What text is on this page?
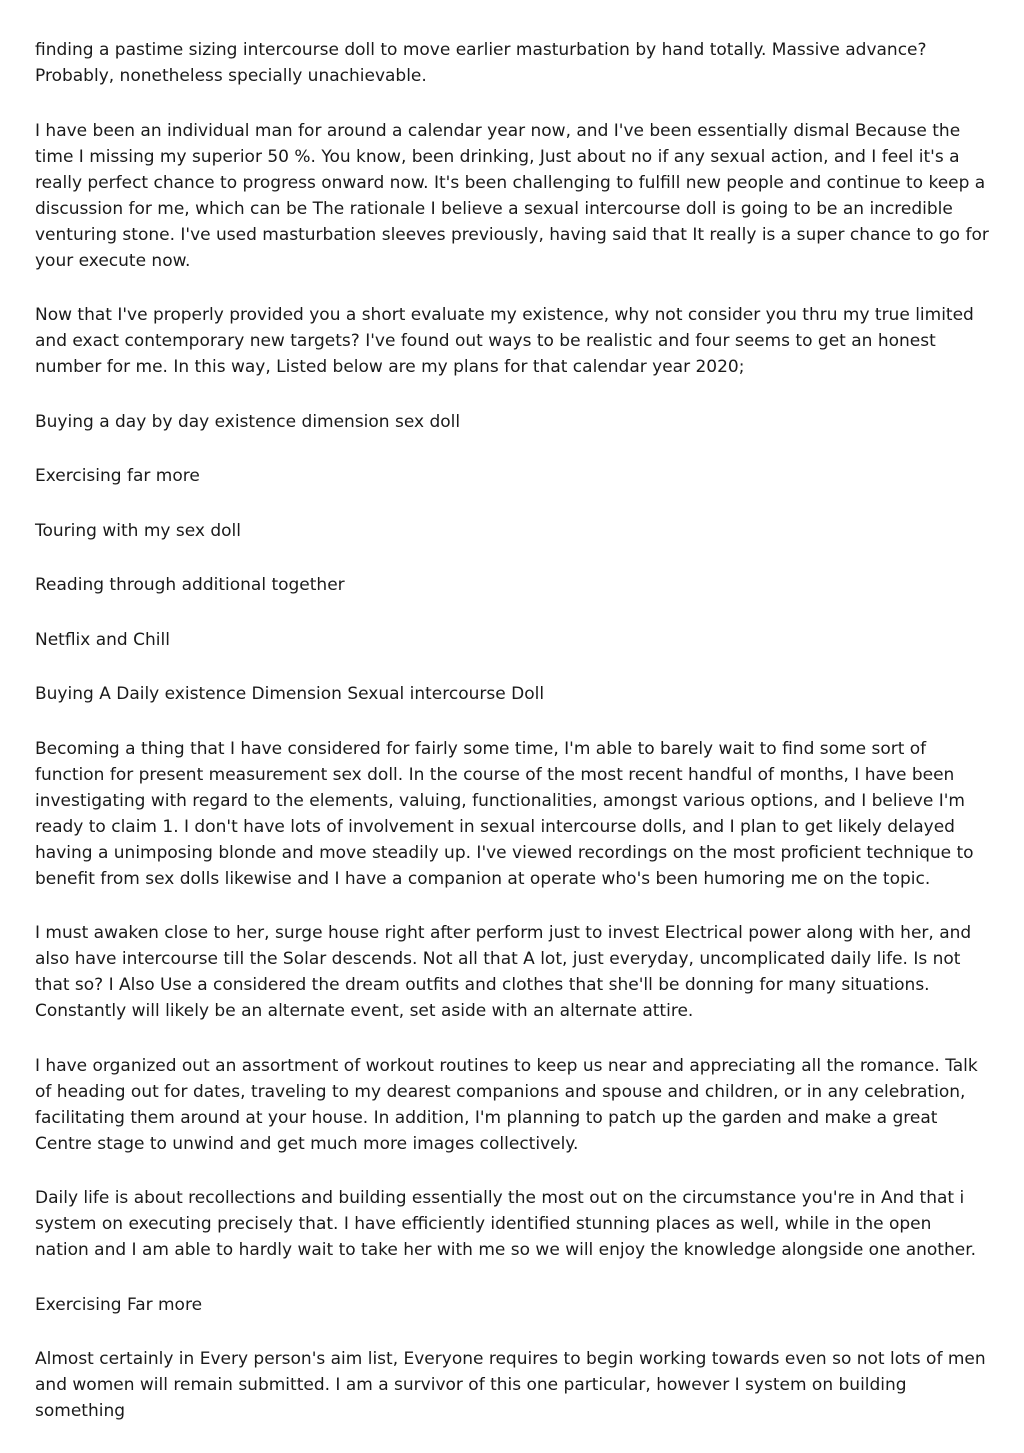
finding a pastime sizing intercourse doll to move earlier masturbation by hand totally. Massive advance? Probably, nonetheless specially unachievable.

I have been an individual man for around a calendar year now, and I've been essentially dismal Because the time I missing my superior 50 %. You know, been drinking, Just about no if any sexual action, and I feel it's a really perfect chance to progress onward now. It's been challenging to fulfill new people and continue to keep a discussion for me, which can be The rationale I believe a sexual intercourse doll is going to be an incredible venturing stone. I've used masturbation sleeves previously, having said that It really is a super chance to go for your execute now.

Now that I've properly provided you a short evaluate my existence, why not consider you thru my true limited and exact contemporary new targets? I've found out ways to be realistic and four seems to get an honest number for me. In this way, Listed below are my plans for that calendar year 2020;

Buying a day by day existence dimension sex doll

Exercising far more

Touring with my sex doll

Reading through additional together

Netflix and Chill

Buying A Daily existence Dimension Sexual intercourse Doll

Becoming a thing that I have considered for fairly some time, I'm able to barely wait to find some sort of function for present measurement sex doll. In the course of the most recent handful of months, I have been investigating with regard to the elements, valuing, functionalities, amongst various options, and I believe I'm ready to claim 1. I don't have lots of involvement in sexual intercourse dolls, and I plan to get likely delayed having a unimposing blonde and move steadily up. I've viewed recordings on the most proficient technique to benefit from sex dolls likewise and I have a companion at operate who's been humoring me on the topic.

I must awaken close to her, surge house right after perform just to invest Electrical power along with her, and also have intercourse till the Solar descends. Not all that A lot, just everyday, uncomplicated daily life. Is not that so? I Also Use a considered the dream outfits and clothes that she'll be donning for many situations. Constantly will likely be an alternate event, set aside with an alternate attire.

I have organized out an assortment of workout routines to keep us near and appreciating all the romance. Talk of heading out for dates, traveling to my dearest companions and spouse and children, or in any celebration, facilitating them around at your house. In addition, I'm planning to patch up the garden and make a great Centre stage to unwind and get much more images collectively.

Daily life is about recollections and building essentially the most out on the circumstance you're in And that i system on executing precisely that. I have efficiently identified stunning places as well, while in the open nation and I am able to hardly wait to take her with me so we will enjoy the knowledge alongside one another.

Exercising Far more

Almost certainly in Every person's aim list, Everyone requires to begin working towards even so not lots of men and women will remain submitted. I am a survivor of this one particular, however I system on building something
